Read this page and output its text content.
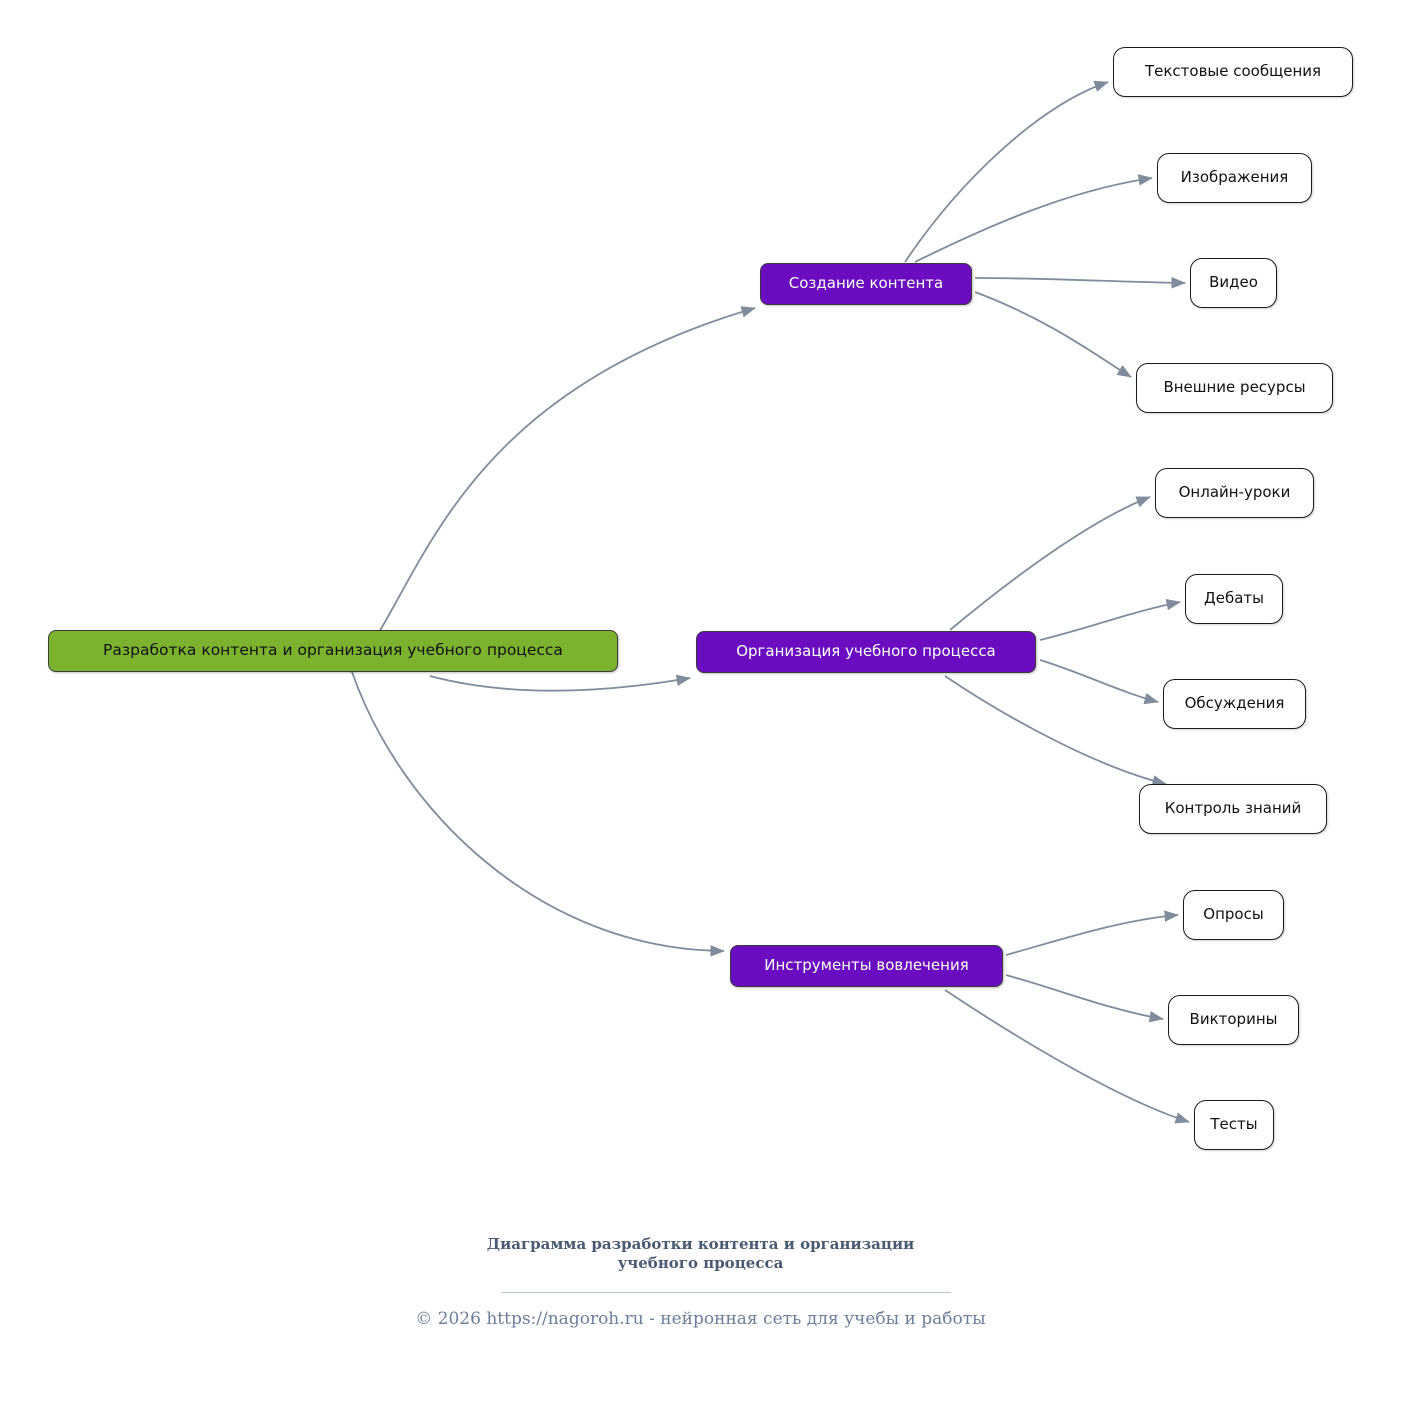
Разработка контента и организация учебного процесса
Создание контента
Текстовые сообщения
Изображения
Видео
Внешние ресурсы
Организация учебного процесса
Онлайн-уроки
Дебаты
Обсуждения
Контроль знаний
Инструменты вовлечения
Опросы
Викторины
Тесты
Диаграмма разработки контента и организации
учебного процесса
© 2026 https://nagoroh.ru - нейронная сеть для учебы и работы
